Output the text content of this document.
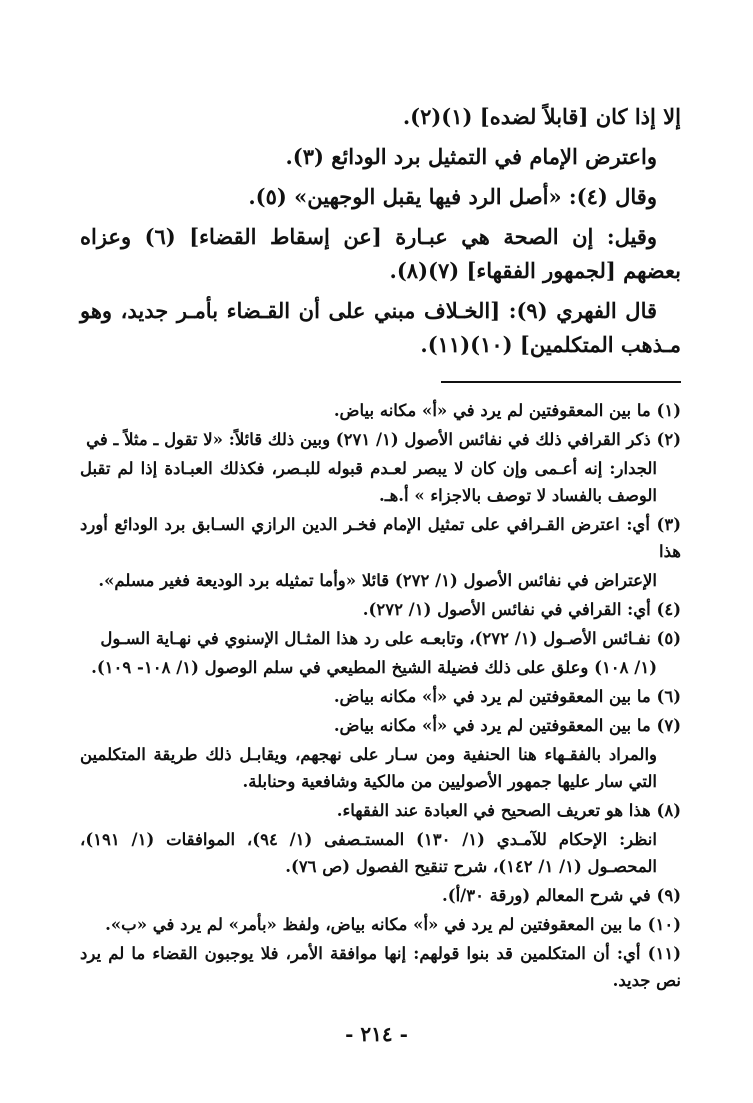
إلا إذا كان [قابلاً لضده] (١)(٢).

واعترض الإمام في التمثيل برد الودائع (٣).

وقال (٤): «أصل الرد فيها يقبل الوجهين» (٥).

وقيل: إن الصحة هي عبـارة [عن إسقاط القضاء] (٦) وعزاه بعضهم [لجمهور الفقهاء] (٧)(٨).

قال الفهري (٩): [الخـلاف مبني على أن القـضاء بأمـر جديد، وهو مـذهب المتكلمين] (١٠)(١١).

(١) ما بين المعقوفتين لم يرد في «أ» مكانه بياض.

(٢) ذكر القرافي ذلك في نفائس الأصول (١/ ٢٧١) وبين ذلك قائلاً: «لا تقول ـ مثلاً ـ في

الجدار: إنه أعـمى وإن كان لا يبصر لعـدم قبوله للبـصر، فكذلك العبـادة إذا لم تقبل الوصف بالفساد لا توصف بالاجزاء » أ.هـ.

(٣) أي: اعترض القـرافي على تمثيل الإمام فخـر الدين الرازي السـابق برد الودائع أورد هذا

الإعتراض في نفائس الأصول (١/ ٢٧٢) قائلا «وأما تمثيله برد الوديعة فغير مسلم».

(٤) أي: القرافي في نفائس الأصول (١/ ٢٧٢).

(٥) نفـائس الأصـول (١/ ٢٧٢)، وتابعـه على رد هذا المثـال الإسنوي في نهـاية السـول

(١/ ١٠٨) وعلق على ذلك فضيلة الشيخ المطيعي في سلم الوصول (١/ ١٠٨- ١٠٩).

(٦) ما بين المعقوفتين لم يرد في «أ» مكانه بياض.

(٧) ما بين المعقوفتين لم يرد في «أ» مكانه بياض.

والمراد بالفقـهاء هنا الحنفية ومن سـار على نهجهم، ويقابـل ذلك طريقة المتكلمين التي سار عليها جمهور الأصوليين من مالكية وشافعية وحنابلة.

(٨) هذا هو تعريف الصحيح في العبادة عند الفقهاء.

انظر: الإحكام للآمـدي (١/ ١٣٠) المستـصفى (١/ ٩٤)، الموافقات (١/ ١٩١)، المحصـول (١/ ١/ ١٤٢)، شرح تنقيح الفصول (ص ٧٦).

(٩) في شرح المعالم (ورقة ٣٠/أ).

(١٠) ما بين المعقوفتين لم يرد في «أ» مكانه بياض، ولفظ «بأمر» لم يرد في «ب».

(١١) أي: أن المتكلمين قد بنوا قولهم: إنها موافقة الأمر، فلا يوجبون القضاء ما لم يرد نص جديد.

- ٢١٤ -
